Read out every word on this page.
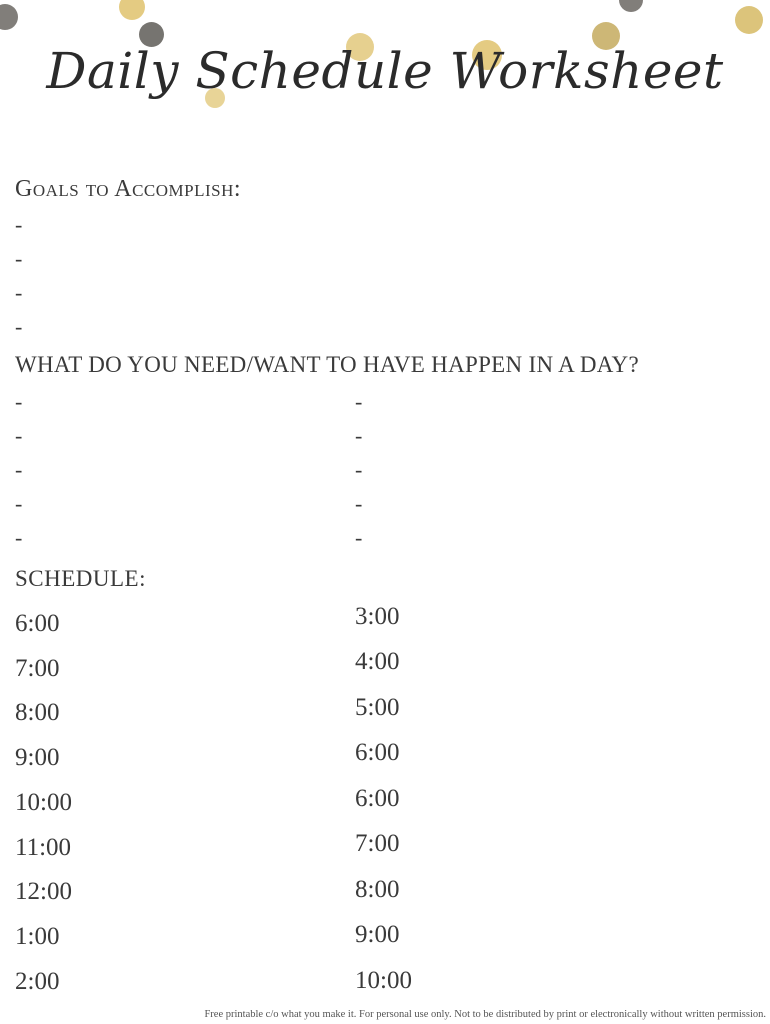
Daily Schedule Worksheet
Goals to Accomplish:
-
-
-
-
WHAT DO YOU NEED/WANT TO HAVE HAPPEN IN A DAY?
-
-
-
-
-
-
-
-
-
-
SCHEDULE:
6:00
7:00
8:00
9:00
10:00
11:00
12:00
1:00
2:00
3:00
4:00
5:00
6:00
6:00
7:00
8:00
9:00
10:00
Free printable c/o what you make it. For personal use only. Not to be distributed by print or electronically without written permission.
